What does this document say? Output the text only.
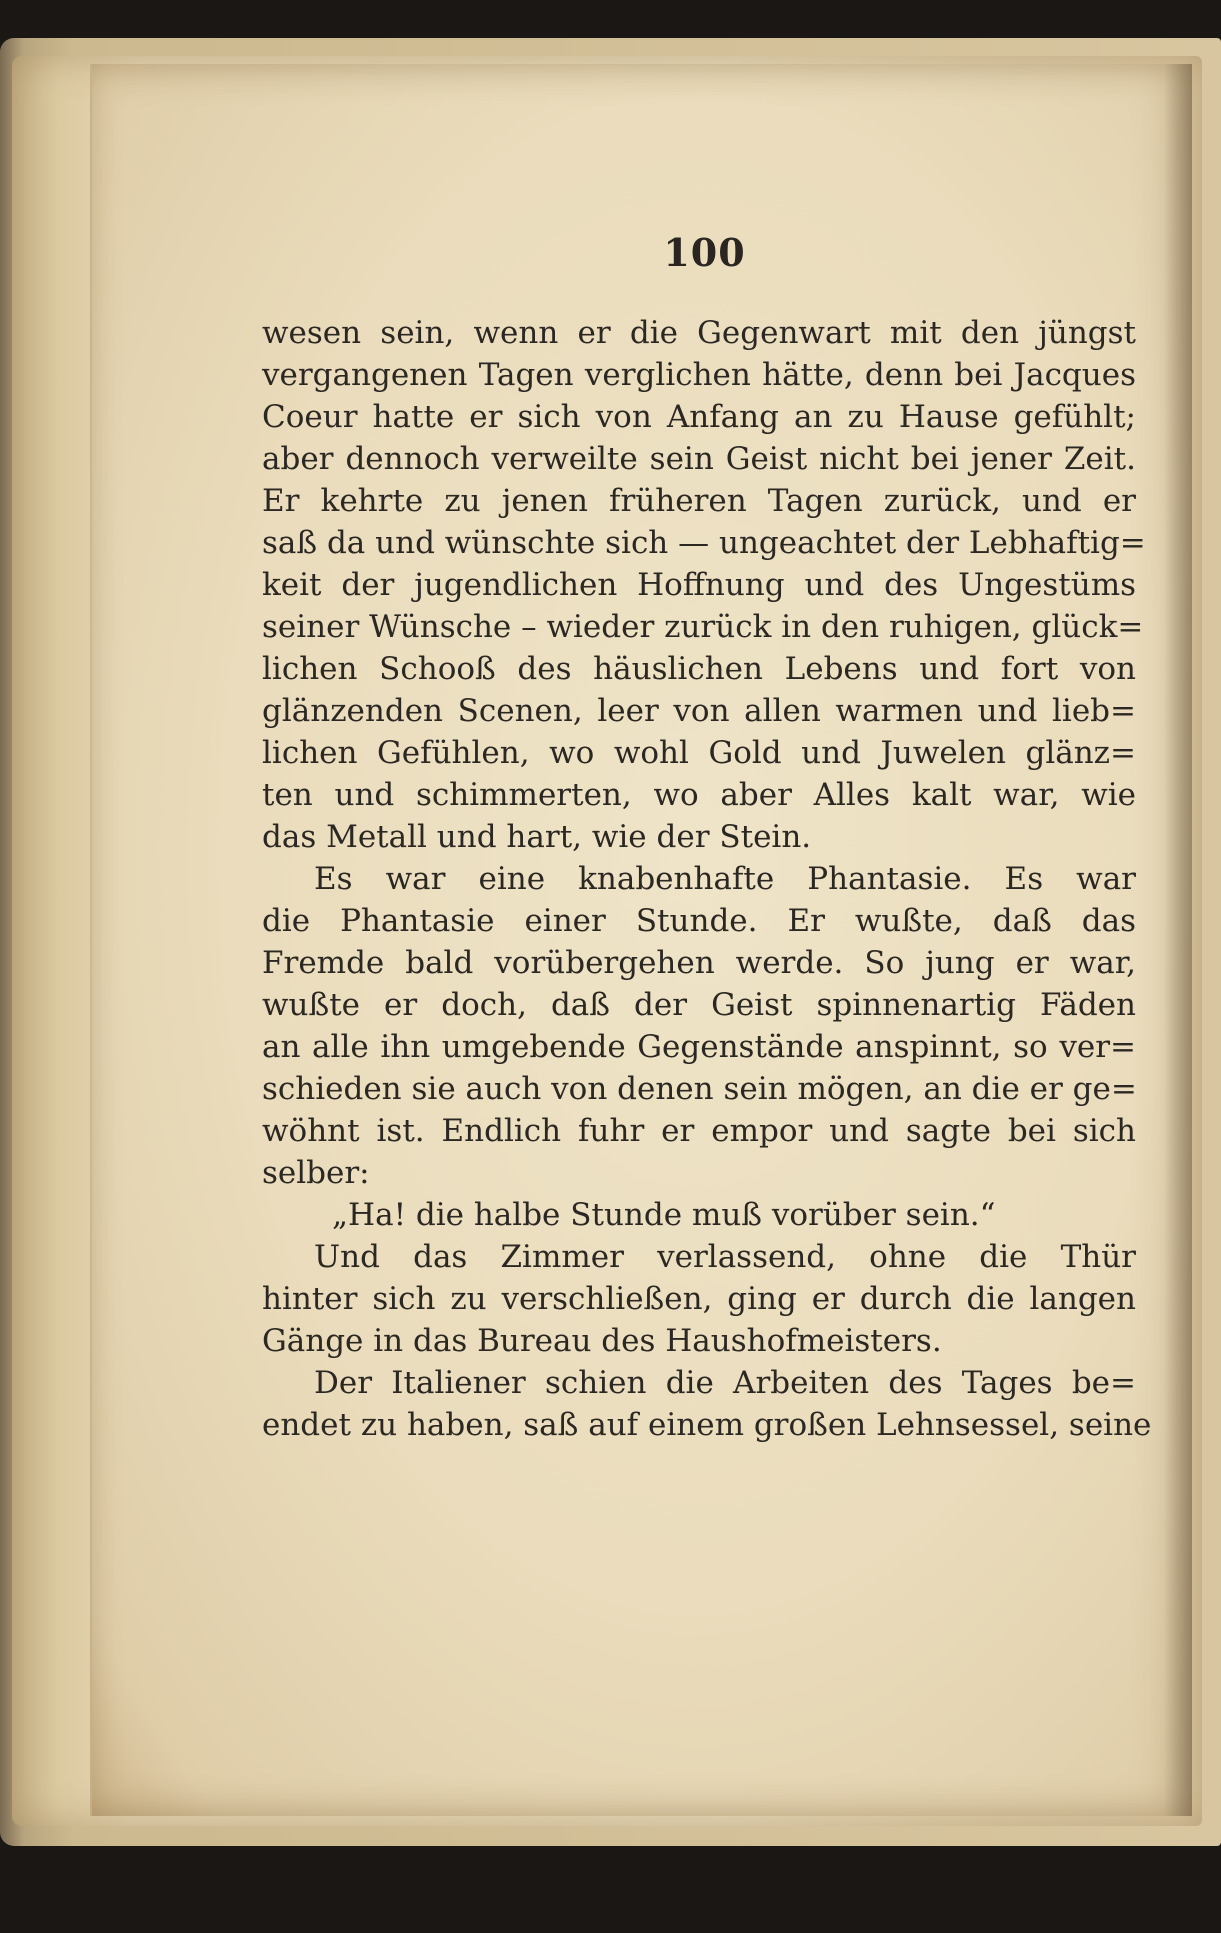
100
wesen sein, wenn er die Gegenwart mit den jüngst
vergangenen Tagen verglichen hätte, denn bei Jacques
Coeur hatte er sich von Anfang an zu Hause gefühlt;
aber dennoch verweilte sein Geist nicht bei jener Zeit.
Er kehrte zu jenen früheren Tagen zurück, und er
saß da und wünschte sich — ungeachtet der Lebhaftig=
keit der jugendlichen Hoffnung und des Ungestüms
seiner Wünsche – wieder zurück in den ruhigen, glück=
lichen Schooß des häuslichen Lebens und fort von
glänzenden Scenen, leer von allen warmen und lieb=
lichen Gefühlen, wo wohl Gold und Juwelen glänz=
ten und schimmerten, wo aber Alles kalt war, wie
das Metall und hart, wie der Stein.
Es war eine knabenhafte Phantasie. Es war
die Phantasie einer Stunde. Er wußte, daß das
Fremde bald vorübergehen werde. So jung er war,
wußte er doch, daß der Geist spinnenartig Fäden
an alle ihn umgebende Gegenstände anspinnt, so ver=
schieden sie auch von denen sein mögen, an die er ge=
wöhnt ist. Endlich fuhr er empor und sagte bei sich
selber:
„Ha! die halbe Stunde muß vorüber sein.“
Und das Zimmer verlassend, ohne die Thür
hinter sich zu verschließen, ging er durch die langen
Gänge in das Bureau des Haushofmeisters.
Der Italiener schien die Arbeiten des Tages be=
endet zu haben, saß auf einem großen Lehnsessel, seine
